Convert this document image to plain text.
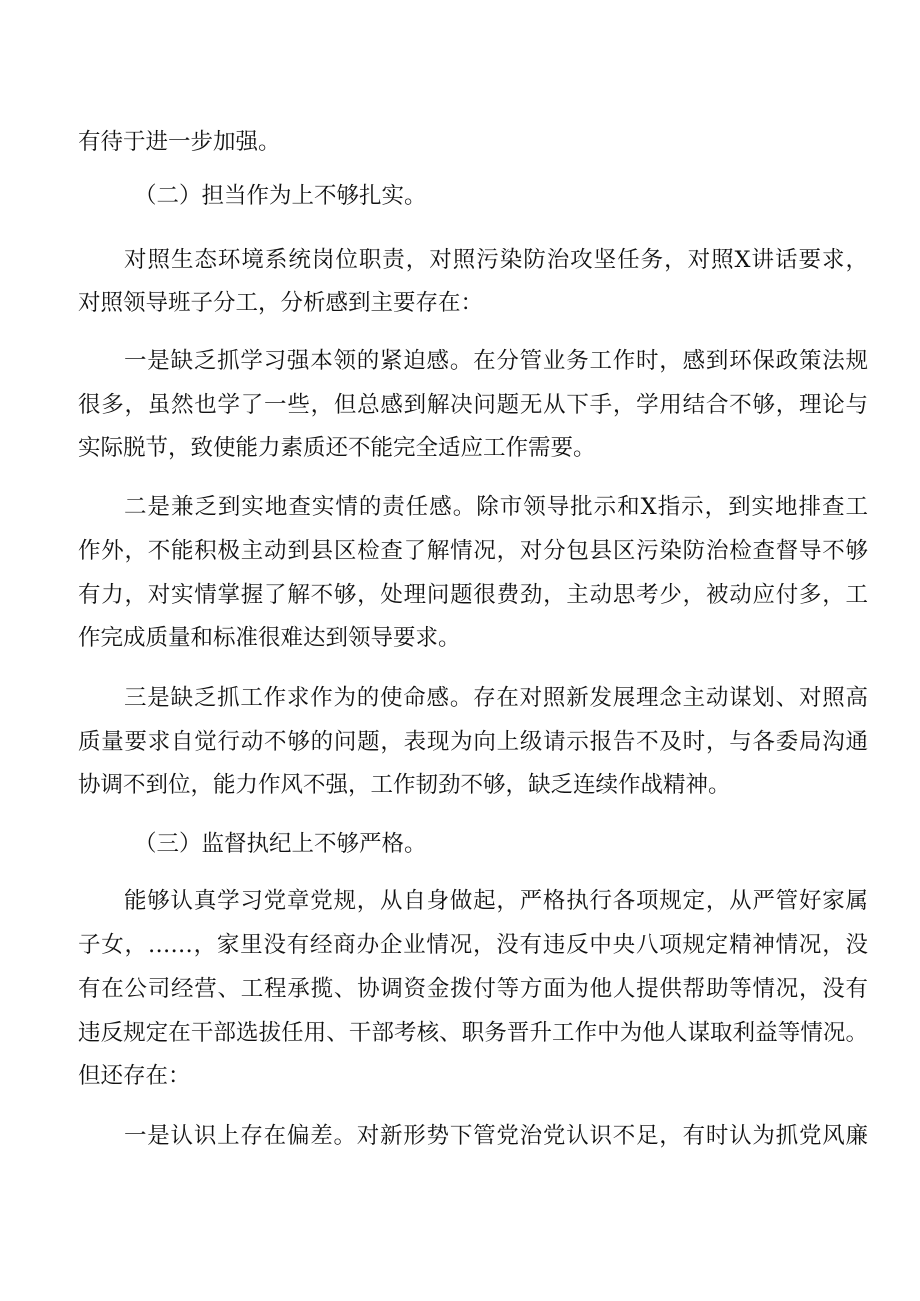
有待于进一步加强。

（二）担当作为上不够扎实。

对照生态环境系统岗位职责，对照污染防治攻坚任务，对照X讲话要求，

对照领导班子分工，分析感到主要存在：

一是缺乏抓学习强本领的紧迫感。在分管业务工作时，感到环保政策法规

很多，虽然也学了一些，但总感到解决问题无从下手，学用结合不够，理论与

实际脱节，致使能力素质还不能完全适应工作需要。

二是兼乏到实地查实情的责任感。除市领导批示和X指示，到实地排查工

作外，不能积极主动到县区检查了解情况，对分包县区污染防治检查督导不够

有力，对实情掌握了解不够，处理问题很费劲，主动思考少，被动应付多，工

作完成质量和标准很难达到领导要求。

三是缺乏抓工作求作为的使命感。存在对照新发展理念主动谋划、对照高

质量要求自觉行动不够的问题，表现为向上级请示报告不及时，与各委局沟通

协调不到位，能力作风不强，工作韧劲不够，缺乏连续作战精神。

（三）监督执纪上不够严格。

能够认真学习党章党规，从自身做起，严格执行各项规定，从严管好家属

子女，……，家里没有经商办企业情况，没有违反中央八项规定精神情况，没

有在公司经营、工程承揽、协调资金拨付等方面为他人提供帮助等情况，没有

违反规定在干部选拔任用、干部考核、职务晋升工作中为他人谋取利益等情况。

但还存在：

一是认识上存在偏差。对新形势下管党治党认识不足，有时认为抓党风廉
